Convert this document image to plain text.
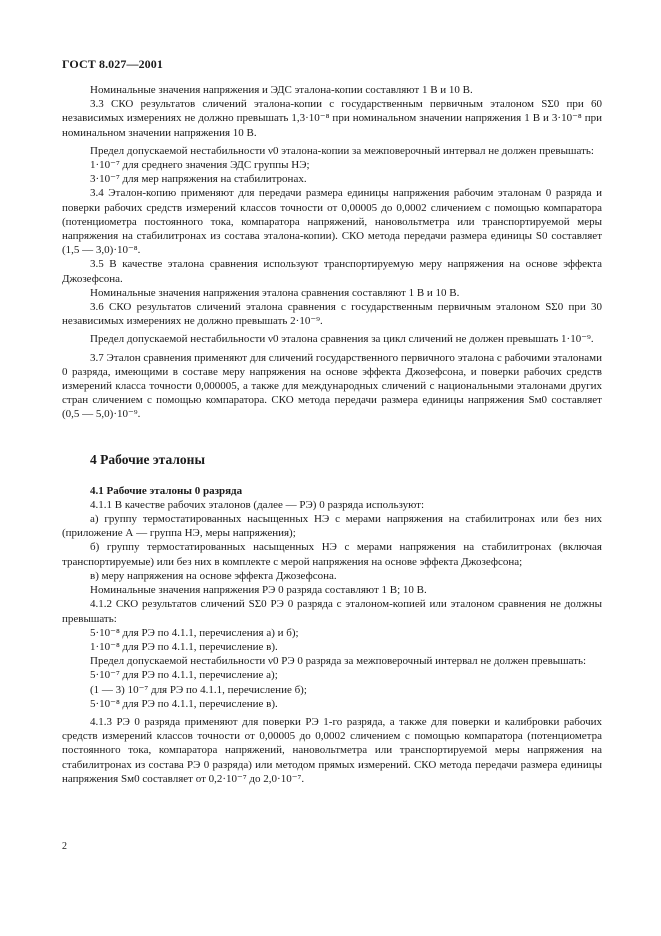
ГОСТ 8.027—2001

Номинальные значения напряжения и ЭДС эталона-копии составляют 1 В и 10 В.

3.3 СКО результатов сличений эталона-копии с государственным первичным эталоном SΣ0 при 60 независимых измерениях не должно превышать 1,3·10⁻⁸ при номинальном значении напряжения 1 В и 3·10⁻⁸ при номинальном значении напряжения 10 В.

Предел допускаемой нестабильности ν0 эталона-копии за межповерочный интервал не должен превышать:

1·10⁻⁷ для среднего значения ЭДС группы НЭ;

3·10⁻⁷ для мер напряжения на стабилитронах.

3.4 Эталон-копию применяют для передачи размера единицы напряжения рабочим эталонам 0 разряда и поверки рабочих средств измерений классов точности от 0,00005 до 0,0002 сличением с помощью компаратора (потенциометра постоянного тока, компаратора напряжений, нановольтметра или транспортируемой меры напряжения на стабилитронах из состава эталона-копии). СКО метода передачи размера единицы S0 составляет (1,5 — 3,0)·10⁻⁸.

3.5 В качестве эталона сравнения используют транспортируемую меру напряжения на основе эффекта Джозефсона.

Номинальные значения напряжения эталона сравнения составляют 1 В и 10 В.

3.6 СКО результатов сличений эталона сравнения с государственным первичным эталоном SΣ0 при 30 независимых измерениях не должно превышать 2·10⁻⁹.

Предел допускаемой нестабильности ν0 эталона сравнения за цикл сличений не должен превышать 1·10⁻⁹.

3.7 Эталон сравнения применяют для сличений государственного первичного эталона с рабочими эталонами 0 разряда, имеющими в составе меру напряжения на основе эффекта Джозефсона, и поверки рабочих средств измерений класса точности 0,000005, а также для международных сличений с национальными эталонами других стран сличением с помощью компаратора. СКО метода передачи размера единицы напряжения Sм0 составляет (0,5 — 5,0)·10⁻⁹.

4 Рабочие эталоны

4.1 Рабочие эталоны 0 разряда

4.1.1 В качестве рабочих эталонов (далее — РЭ) 0 разряда используют:

а) группу термостатированных насыщенных НЭ с мерами напряжения на стабилитронах или без них (приложение А — группа НЭ, меры напряжения);

б) группу термостатированных насыщенных НЭ с мерами напряжения на стабилитронах (включая транспортируемые) или без них в комплекте с мерой напряжения на основе эффекта Джозефсона;

в) меру напряжения на основе эффекта Джозефсона.

Номинальные значения напряжения РЭ 0 разряда составляют 1 В; 10 В.

4.1.2 СКО результатов сличений SΣ0 РЭ 0 разряда с эталоном-копией или эталоном сравнения не должны превышать:

5·10⁻⁸ для РЭ по 4.1.1, перечисления а) и б);

1·10⁻⁸ для РЭ по 4.1.1, перечисление в).

Предел допускаемой нестабильности ν0 РЭ 0 разряда за межповерочный интервал не должен превышать:

5·10⁻⁷ для РЭ по 4.1.1, перечисление а);

(1 — 3) 10⁻⁷ для РЭ по 4.1.1, перечисление б);

5·10⁻⁸ для РЭ по 4.1.1, перечисление в).

4.1.3 РЭ 0 разряда применяют для поверки РЭ 1-го разряда, а также для поверки и калибровки рабочих средств измерений классов точности от 0,00005 до 0,0002 сличением с помощью компаратора (потенциометра постоянного тока, компаратора напряжений, нановольтметра или транспортируемой меры напряжения на стабилитронах из состава РЭ 0 разряда) или методом прямых измерений. СКО метода передачи размера единицы напряжения Sм0 составляет от 0,2·10⁻⁷ до 2,0·10⁻⁷.

2
